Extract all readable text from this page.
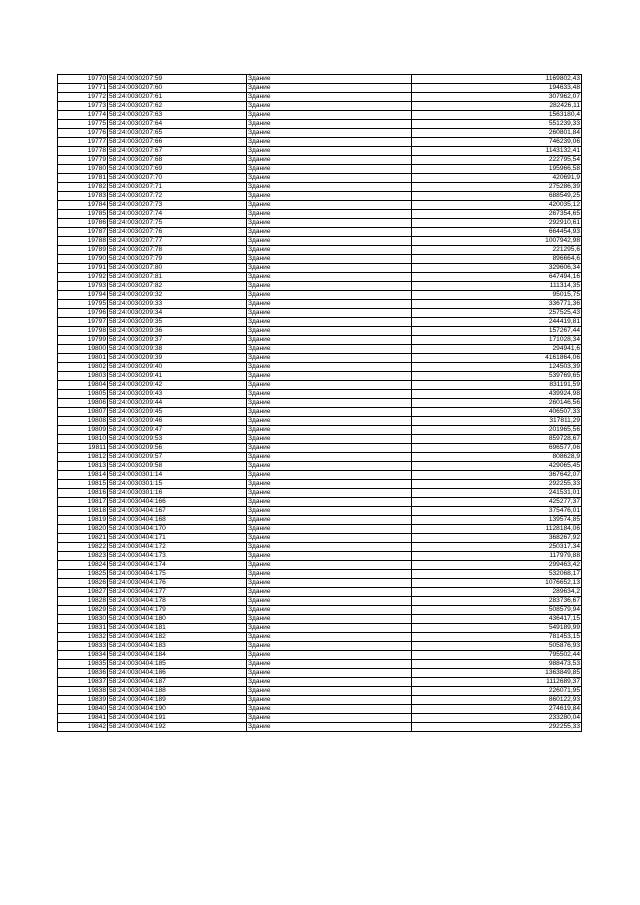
19770	58:24:0030207:59	Здание	1169802,43
19771	58:24:0030207:60	Здание	194633,48
19772	58:24:0030207:61	Здание	307962,07
19773	58:24:0030207:62	Здание	282426,11
19774	58:24:0030207:63	Здание	1563180,4
19775	58:24:0030207:64	Здание	551239,33
19776	58:24:0030207:65	Здание	260801,84
19777	58:24:0030207:66	Здание	746239,06
19778	58:24:0030207:67	Здание	1143132,41
19779	58:24:0030207:68	Здание	222795,54
19780	58:24:0030207:69	Здание	195966,58
19781	58:24:0030207:70	Здание	420691,9
19782	58:24:0030207:71	Здание	275286,39
19783	58:24:0030207:72	Здание	688549,25
19784	58:24:0030207:73	Здание	420035,12
19785	58:24:0030207:74	Здание	267354,65
19786	58:24:0030207:75	Здание	292910,61
19787	58:24:0030207:76	Здание	664454,93
19788	58:24:0030207:77	Здание	1007942,98
19789	58:24:0030207:78	Здание	221295,6
19790	58:24:0030207:79	Здание	896664,6
19791	58:24:0030207:80	Здание	329606,34
19792	58:24:0030207:81	Здание	647494,16
19793	58:24:0030207:82	Здание	111314,35
19794	58:24:0030209:32	Здание	95015,75
19795	58:24:0030209:33	Здание	336771,36
19796	58:24:0030209:34	Здание	257525,43
19797	58:24:0030209:35	Здание	244419,81
19798	58:24:0030209:36	Здание	157267,44
19799	58:24:0030209:37	Здание	171028,34
19800	58:24:0030209:38	Здание	294941,6
19801	58:24:0030209:39	Здание	4161864,06
19802	58:24:0030209:40	Здание	124503,39
19803	58:24:0030209:41	Здание	539769,65
19804	58:24:0030209:42	Здание	831191,59
19805	58:24:0030209:43	Здание	439924,98
19806	58:24:0030209:44	Здание	260146,56
19807	58:24:0030209:45	Здание	406507,33
19808	58:24:0030209:46	Здание	317811,29
19809	58:24:0030209:47	Здание	201965,56
19810	58:24:0030209:53	Здание	859728,67
19811	58:24:0030209:56	Здание	696577,06
19812	58:24:0030209:57	Здание	808628,9
19813	58:24:0030209:58	Здание	429065,45
19814	58:24:0030301:14	Здание	367642,07
19815	58:24:0030301:15	Здание	292255,33
19816	58:24:0030301:16	Здание	241531,01
19817	58:24:0030404:166	Здание	425277,37
19818	58:24:0030404:167	Здание	375476,01
19819	58:24:0030404:168	Здание	139574,85
19820	58:24:0030404:170	Здание	1128184,06
19821	58:24:0030404:171	Здание	368267,92
19822	58:24:0030404:172	Здание	250317,34
19823	58:24:0030404:173	Здание	117979,88
19824	58:24:0030404:174	Здание	299463,42
19825	58:24:0030404:175	Здание	532068,17
19826	58:24:0030404:176	Здание	1076652,13
19827	58:24:0030404:177	Здание	289634,2
19828	58:24:0030404:178	Здание	283736,67
19829	58:24:0030404:179	Здание	508579,94
19830	58:24:0030404:180	Здание	436417,15
19831	58:24:0030404:181	Здание	549189,99
19832	58:24:0030404:182	Здание	781453,15
19833	58:24:0030404:183	Здание	505876,93
19834	58:24:0030404:184	Здание	795502,44
19835	58:24:0030404:185	Здание	988473,53
19836	58:24:0030404:186	Здание	1363849,85
19837	58:24:0030404:187	Здание	1112689,37
19838	58:24:0030404:188	Здание	226071,95
19839	58:24:0030404:189	Здание	860122,93
19840	58:24:0030404:190	Здание	274619,84
19841	58:24:0030404:191	Здание	233280,04
19842	58:24:0030404:192	Здание	292255,33
